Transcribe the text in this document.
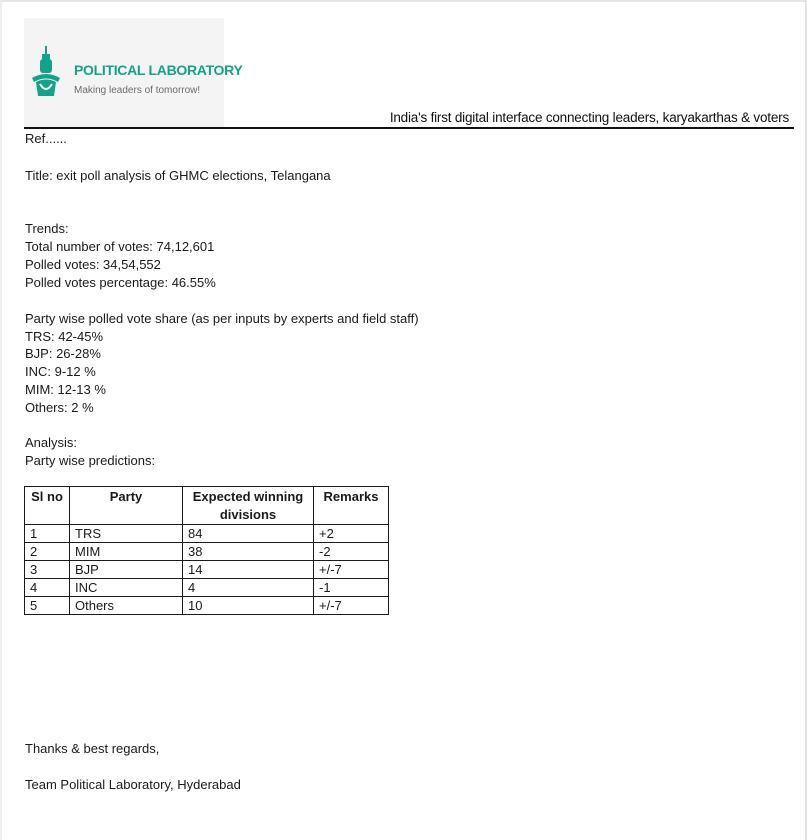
POLITICAL LABORATORY
Making leaders of tomorrow!
India's first digital interface connecting leaders, karyakarthas & voters
Ref......
Title: exit poll analysis of GHMC elections, Telangana
Trends:
Total number of votes: 74,12,601
Polled votes: 34,54,552
Polled votes percentage: 46.55%
Party wise polled vote share (as per inputs by experts and field staff)
TRS: 42-45%
BJP: 26-28%
INC: 9-12 %
MIM: 12-13 %
Others: 2 %
Analysis:
Party wise predictions:
Sl no	Party	Expected winning divisions	Remarks
1	TRS	84	+2
2	MIM	38	-2
3	BJP	14	+/-7
4	INC	4	-1
5	Others	10	+/-7
Thanks & best regards,
Team Political Laboratory, Hyderabad
